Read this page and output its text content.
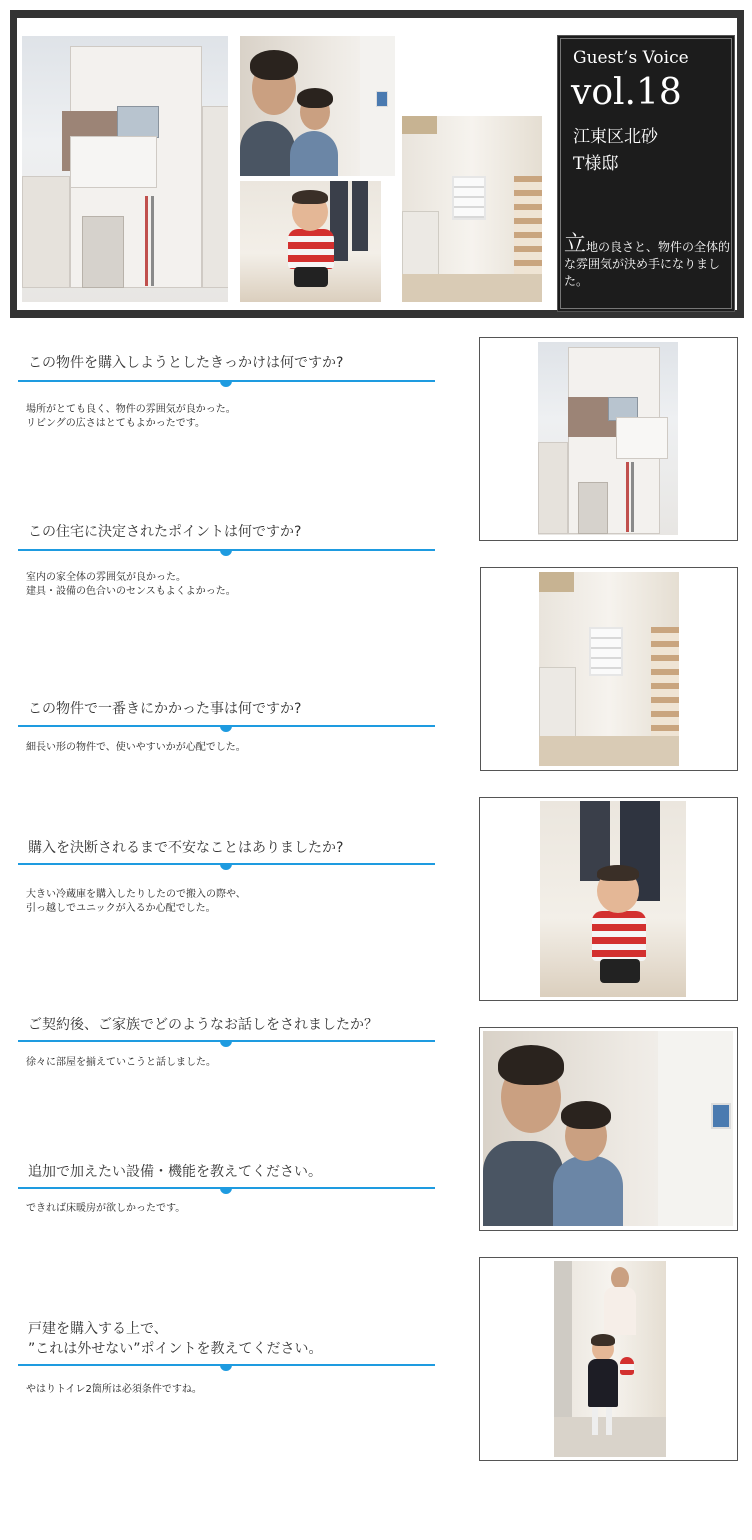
Guest’s Voice
vol.18
江東区北砂
T様邸
立地の良さと、物件の全体的な雰囲気が決め手になりました。
この物件を購入しようとしたきっかけは何ですか?
場所がとても良く、物件の雰囲気が良かった。
リビングの広さはとてもよかったです。
この住宅に決定されたポイントは何ですか?
室内の家全体の雰囲気が良かった。
建具・設備の色合いのセンスもよくよかった。
この物件で一番きにかかった事は何ですか?
細長い形の物件で、使いやすいかが心配でした。
購入を決断されるまで不安なことはありましたか?
大きい冷蔵庫を購入したりしたので搬入の際や、
引っ越しでユニックが入るか心配でした。
ご契約後、ご家族でどのようなお話しをされましたか？
徐々に部屋を揃えていこうと話しました。
追加で加えたい設備・機能を教えてください。
できれば床暖房が欲しかったです。
戸建を購入する上で、
”これは外せない”ポイントを教えてください。
やはりトイレ2箇所は必須条件ですね。
